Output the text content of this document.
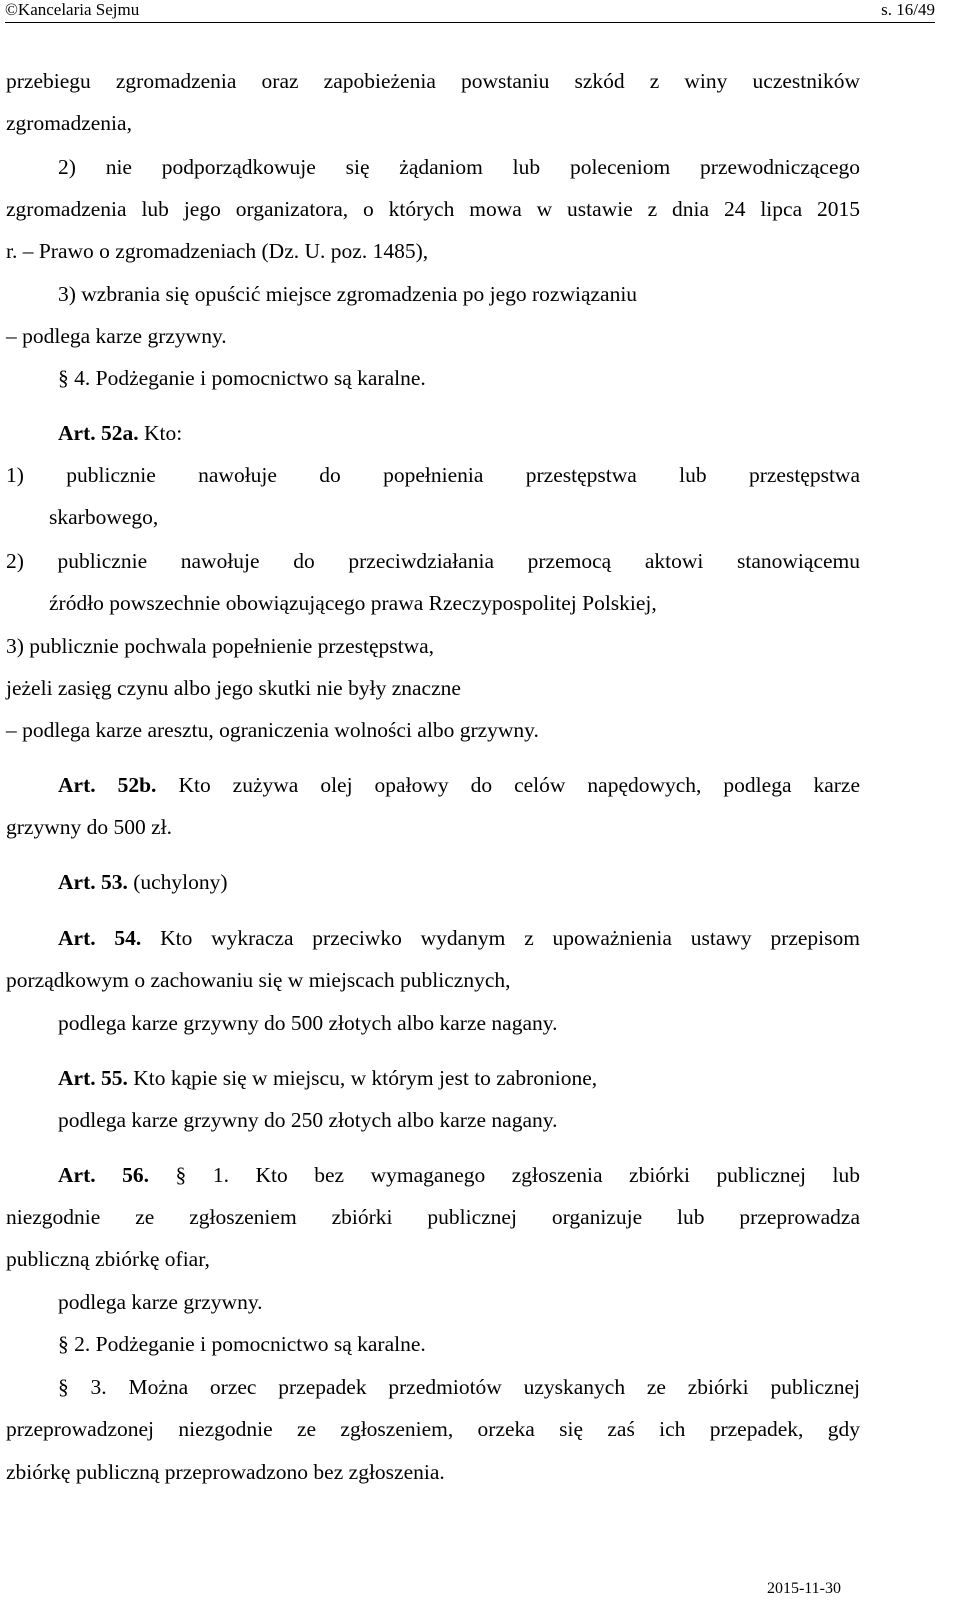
©Kancelaria Sejmu	s. 16/49
przebiegu zgromadzenia oraz zapobieżenia powstaniu szkód z winy uczestników
zgromadzenia,
2) nie podporządkowuje się żądaniom lub poleceniom przewodniczącego
zgromadzenia lub jego organizatora, o których mowa w ustawie z dnia 24 lipca 2015
r. – Prawo o zgromadzeniach (Dz. U. poz. 1485),
3) wzbrania się opuścić miejsce zgromadzenia po jego rozwiązaniu
– podlega karze grzywny.
§ 4. Podżeganie i pomocnictwo są karalne.
Art. 52a. Kto:
1) publicznie nawołuje do popełnienia przestępstwa lub przestępstwa
skarbowego,
2) publicznie nawołuje do przeciwdziałania przemocą aktowi stanowiącemu
źródło powszechnie obowiązującego prawa Rzeczypospolitej Polskiej,
3) publicznie pochwala popełnienie przestępstwa,
jeżeli zasięg czynu albo jego skutki nie były znaczne
– podlega karze aresztu, ograniczenia wolności albo grzywny.
Art. 52b. Kto zużywa olej opałowy do celów napędowych, podlega karze
grzywny do 500 zł.
Art. 53. (uchylony)
Art. 54. Kto wykracza przeciwko wydanym z upoważnienia ustawy przepisom
porządkowym o zachowaniu się w miejscach publicznych,
podlega karze grzywny do 500 złotych albo karze nagany.
Art. 55. Kto kąpie się w miejscu, w którym jest to zabronione,
podlega karze grzywny do 250 złotych albo karze nagany.
Art. 56. § 1. Kto bez wymaganego zgłoszenia zbiórki publicznej lub
niezgodnie ze zgłoszeniem zbiórki publicznej organizuje lub przeprowadza
publiczną zbiórkę ofiar,
podlega karze grzywny.
§ 2. Podżeganie i pomocnictwo są karalne.
§ 3. Można orzec przepadek przedmiotów uzyskanych ze zbiórki publicznej
przeprowadzonej niezgodnie ze zgłoszeniem, orzeka się zaś ich przepadek, gdy
zbiórkę publiczną przeprowadzono bez zgłoszenia.
2015-11-30
